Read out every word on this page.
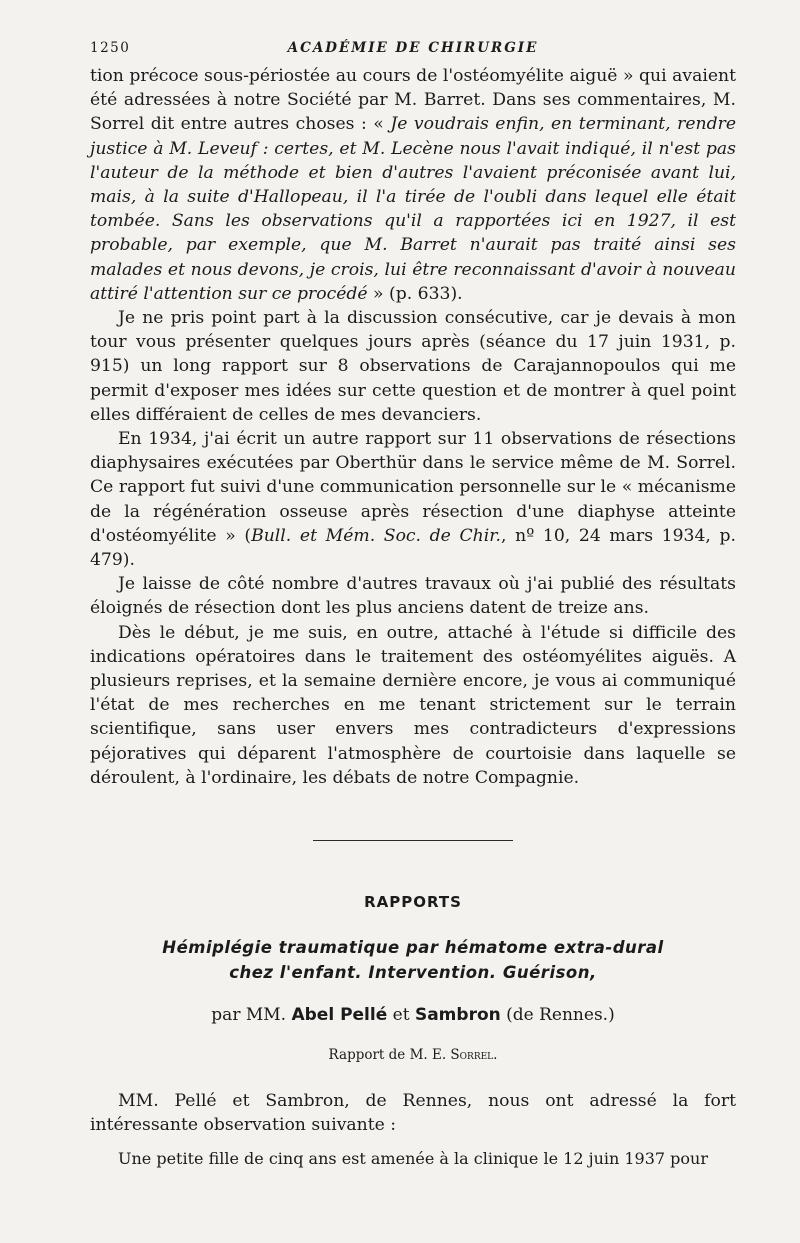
1250	ACADÉMIE DE CHIRURGIE

tion précoce sous-périostée au cours de l'ostéomyélite aiguë » qui avaient été adressées à notre Société par M. Barret. Dans ses commentaires, M. Sorrel dit entre autres choses : « Je voudrais enfin, en terminant, rendre justice à M. Leveuf : certes, et M. Lecène nous l'avait indiqué, il n'est pas l'auteur de la méthode et bien d'autres l'avaient préconisée avant lui, mais, à la suite d'Hallopeau, il l'a tirée de l'oubli dans lequel elle était tombée. Sans les observations qu'il a rapportées ici en 1927, il est probable, par exemple, que M. Barret n'aurait pas traité ainsi ses malades et nous devons, je crois, lui être reconnaissant d'avoir à nouveau attiré l'attention sur ce procédé » (p. 633).

Je ne pris point part à la discussion consécutive, car je devais à mon tour vous présenter quelques jours après (séance du 17 juin 1931, p. 915) un long rapport sur 8 observations de Carajannopoulos qui me permit d'exposer mes idées sur cette question et de montrer à quel point elles différaient de celles de mes devanciers.

En 1934, j'ai écrit un autre rapport sur 11 observations de résections diaphysaires exécutées par Oberthür dans le service même de M. Sorrel. Ce rapport fut suivi d'une communication personnelle sur le « mécanisme de la régénération osseuse après résection d'une diaphyse atteinte d'ostéomyélite » (Bull. et Mém. Soc. de Chir., nº 10, 24 mars 1934, p. 479).

Je laisse de côté nombre d'autres travaux où j'ai publié des résultats éloignés de résection dont les plus anciens datent de treize ans.

Dès le début, je me suis, en outre, attaché à l'étude si difficile des indications opératoires dans le traitement des ostéomyélites aiguës. A plusieurs reprises, et la semaine dernière encore, je vous ai communiqué l'état de mes recherches en me tenant strictement sur le terrain scientifique, sans user envers mes contradicteurs d'expressions péjoratives qui déparent l'atmosphère de courtoisie dans laquelle se déroulent, à l'ordinaire, les débats de notre Compagnie.

RAPPORTS
Hémiplégie traumatique par hématome extra-dural
chez l'enfant. Intervention. Guérison,
par MM. Abel Pellé et Sambron (de Rennes.)
Rapport de M. E. Sorrel.

MM. Pellé et Sambron, de Rennes, nous ont adressé la fort intéressante observation suivante :

Une petite fille de cinq ans est amenée à la clinique le 12 juin 1937 pour
